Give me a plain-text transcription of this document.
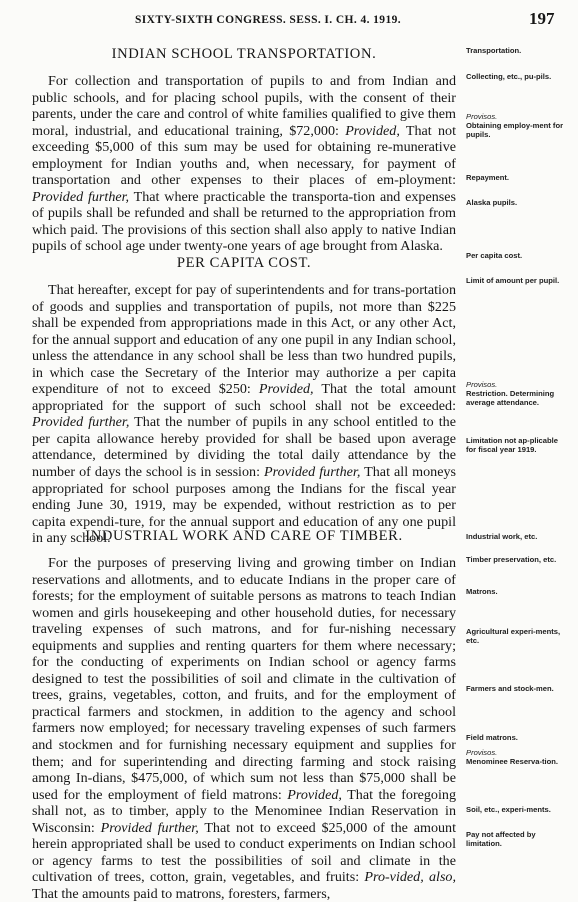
SIXTY-SIXTH CONGRESS. SESS. I. CH. 4. 1919.	197
INDIAN SCHOOL TRANSPORTATION.

For collection and transportation of pupils to and from Indian and public schools, and for placing school pupils, with the consent of their parents, under the care and control of white families qualified to give them moral, industrial, and educational training, $72,000: Provided, That not exceeding $5,000 of this sum may be used for obtaining re-munerative employment for Indian youths and, when necessary, for payment of transportation and other expenses to their places of em-ployment: Provided further, That where practicable the transporta-tion and expenses of pupils shall be refunded and shall be returned to the appropriation from which paid. The provisions of this section shall also apply to native Indian pupils of school age under twenty-one years of age brought from Alaska.

PER CAPITA COST.

That hereafter, except for pay of superintendents and for trans-portation of goods and supplies and transportation of pupils, not more than $225 shall be expended from appropriations made in this Act, or any other Act, for the annual support and education of any one pupil in any Indian school, unless the attendance in any school shall be less than two hundred pupils, in which case the Secretary of the Interior may authorize a per capita expenditure of not to exceed $250: Provided, That the total amount appropriated for the support of such school shall not be exceeded: Provided further, That the number of pupils in any school entitled to the per capita allowance hereby provided for shall be based upon average attendance, determined by dividing the total daily attendance by the number of days the school is in session: Provided further, That all moneys appropriated for school purposes among the Indians for the fiscal year ending June 30, 1919, may be expended, without restriction as to per capita expendi-ture, for the annual support and education of any one pupil in any school.

INDUSTRIAL WORK AND CARE OF TIMBER.

For the purposes of preserving living and growing timber on Indian reservations and allotments, and to educate Indians in the proper care of forests; for the employment of suitable persons as matrons to teach Indian women and girls housekeeping and other household duties, for necessary traveling expenses of such matrons, and for fur-nishing necessary equipments and supplies and renting quarters for them where necessary; for the conducting of experiments on Indian school or agency farms designed to test the possibilities of soil and climate in the cultivation of trees, grains, vegetables, cotton, and fruits, and for the employment of practical farmers and stockmen, in addition to the agency and school farmers now employed; for necessary traveling expenses of such farmers and stockmen and for furnishing necessary equipment and supplies for them; and for superintending and directing farming and stock raising among In-dians, $475,000, of which sum not less than $75,000 shall be used for the employment of field matrons: Provided, That the foregoing shall not, as to timber, apply to the Menominee Indian Reservation in Wisconsin: Provided further, That not to exceed $25,000 of the amount herein appropriated shall be used to conduct experiments on Indian school or agency farms to test the possibilities of soil and climate in the cultivation of trees, cotton, grain, vegetables, and fruits: Pro-vided, also, That the amounts paid to matrons, foresters, farmers,

Transportation.
Collecting, etc., pu-pils.
Provisos.
Obtaining employ-ment for pupils.
Repayment.
Alaska pupils.
Per capita cost.
Limit of amount per pupil.
Provisos.
Restriction. Determining average attendance.
Limitation not ap-plicable for fiscal year 1919.
Industrial work, etc.
Timber preservation, etc.
Matrons.
Agricultural experi-ments, etc.
Farmers and stock-men.
Field matrons.
Provisos.
Menominee Reserva-tion.
Soil, etc., experi-ments.
Pay not affected by limitation.
